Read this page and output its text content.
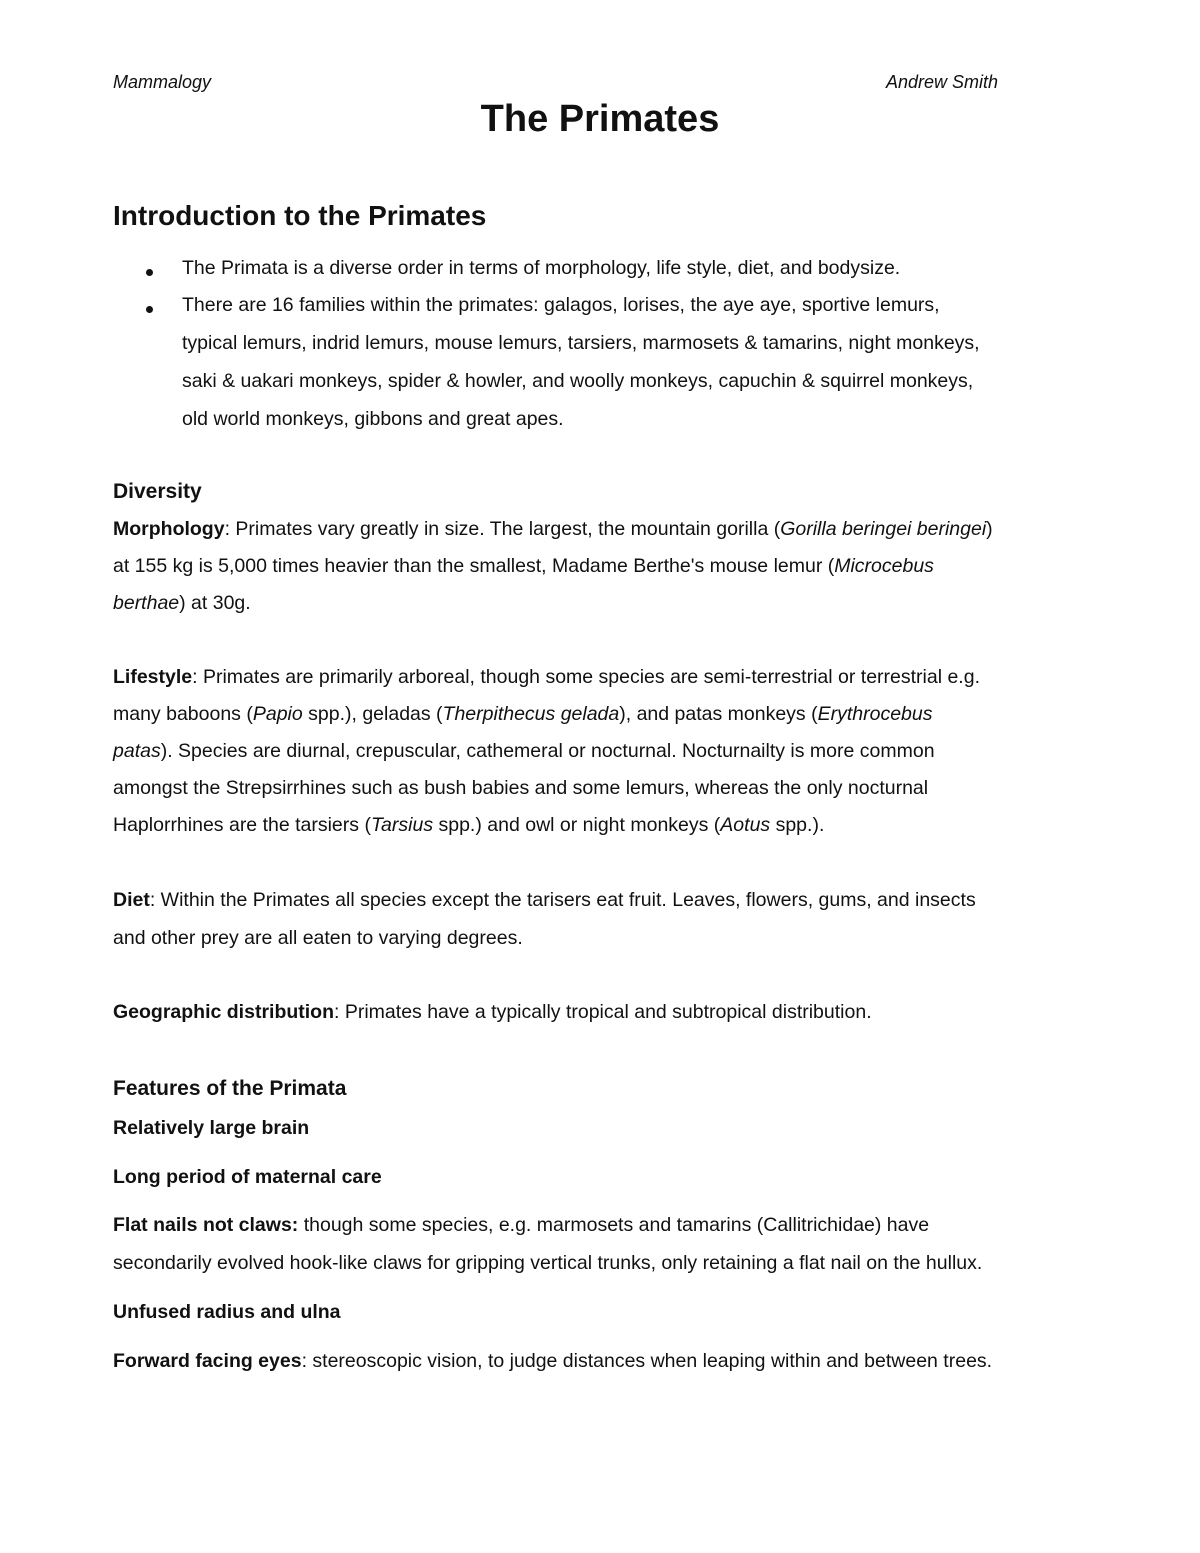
Mammalogy	Andrew Smith
The Primates
Introduction to the Primates
The Primata is a diverse order in terms of morphology, life style, diet, and bodysize.
There are 16 families within the primates: galagos, lorises, the aye aye, sportive lemurs,
typical lemurs, indrid lemurs, mouse lemurs, tarsiers, marmosets & tamarins, night monkeys,
saki & uakari monkeys, spider & howler, and woolly monkeys, capuchin & squirrel monkeys,
old world monkeys, gibbons and great apes.
Diversity
Morphology: Primates vary greatly in size. The largest, the mountain gorilla (Gorilla beringei beringei)
at 155 kg is 5,000 times heavier than the smallest, Madame Berthe's mouse lemur (Microcebus
berthae) at 30g.
Lifestyle: Primates are primarily arboreal, though some species are semi-terrestrial or terrestrial e.g.
many baboons (Papio spp.), geladas (Therpithecus gelada), and patas monkeys (Erythrocebus
patas). Species are diurnal, crepuscular, cathemeral or nocturnal. Nocturnailty is more common
amongst the Strepsirrhines such as bush babies and some lemurs, whereas the only nocturnal
Haplorrhines are the tarsiers (Tarsius spp.) and owl or night monkeys (Aotus spp.).
Diet: Within the Primates all species except the tarisers eat fruit. Leaves, flowers, gums, and insects
and other prey are all eaten to varying degrees.
Geographic distribution: Primates have a typically tropical and subtropical distribution.
Features of the Primata
Relatively large brain
Long period of maternal care
Flat nails not claws: though some species, e.g. marmosets and tamarins (Callitrichidae) have
secondarily evolved hook-like claws for gripping vertical trunks, only retaining a flat nail on the hullux.
Unfused radius and ulna
Forward facing eyes: stereoscopic vision, to judge distances when leaping within and between trees.
